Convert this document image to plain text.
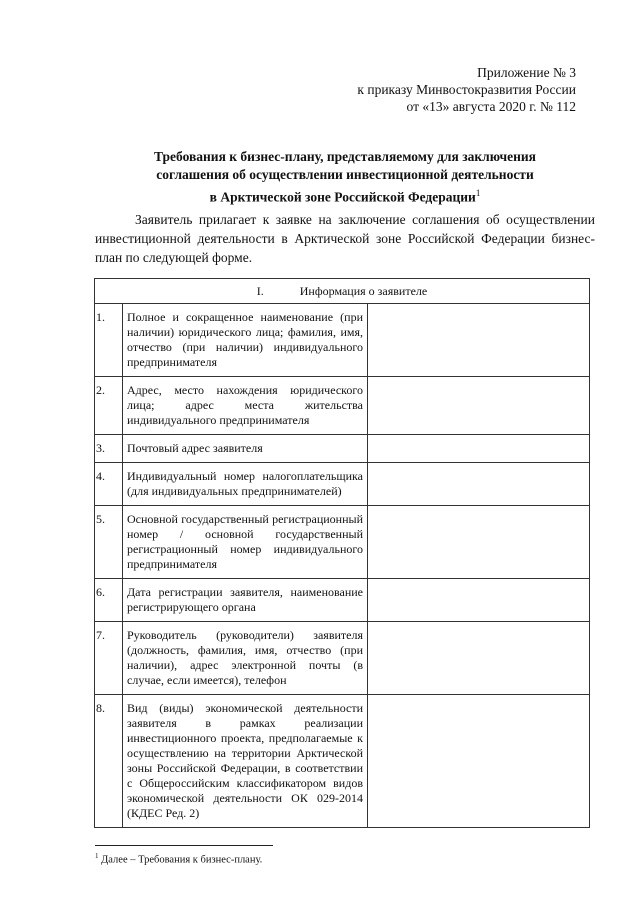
Приложение № 3
к приказу Минвостокразвития России
от «13» августа 2020 г. № 112
Требования к бизнес-плану, представляемому для заключения
соглашения об осуществлении инвестиционной деятельности
в Арктической зоне Российской Федерации$^1$
Заявитель прилагает к заявке на заключение соглашения об осуществлении инвестиционной деятельности в Арктической зоне Российской Федерации бизнес-план по следующей форме.
I. Информация о заявителе		
1.	Полное и сокращенное наименование (при наличии) юридического лица; фамилия, имя, отчество (при наличии) индивидуального предпринимателя	
2.	Адрес, место нахождения юридического лица; адрес места жительства индивидуального предпринимателя	
3.	Почтовый адрес заявителя	
4.	Индивидуальный номер налогоплательщика (для индивидуальных предпринимателей)	
5.	Основной государственный регистрационный номер / основной государственный регистрационный номер индивидуального предпринимателя	
6.	Дата регистрации заявителя, наименование регистрирующего органа	
7.	Руководитель (руководители) заявителя (должность, фамилия, имя, отчество (при наличии), адрес электронной почты (в случае, если имеется), телефон	
8.	Вид (виды) экономической деятельности заявителя в рамках реализации инвестиционного проекта, предполагаемые к осуществлению на территории Арктической зоны Российской Федерации, в соответствии с Общероссийским классификатором видов экономической деятельности ОК 029-2014 (КДЕС Ред. 2)	
$^1$ Далее – Требования к бизнес-плану.
